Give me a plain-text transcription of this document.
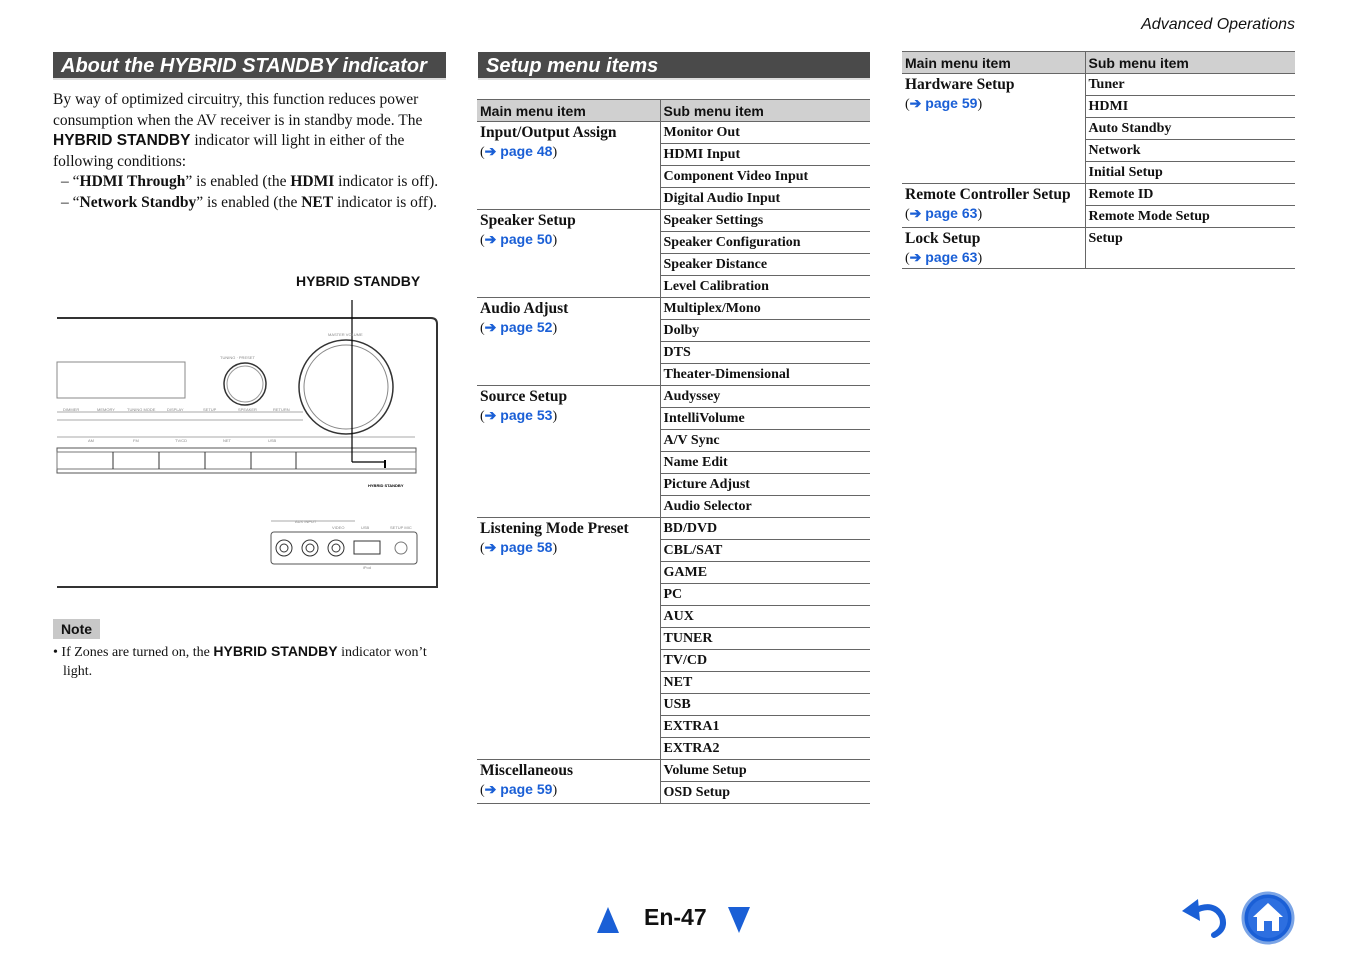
Advanced Operations
About the HYBRID STANDBY indicator

By way of optimized circuitry, this function reduces power consumption when the AV receiver is in standby mode. The HYBRID STANDBY indicator will light in either of the following conditions:

– “HDMI Through” is enabled (the HDMI indicator is off).

– “Network Standby” is enabled (the NET indicator is off).

HYBRID STANDBY
MASTER VOLUME
TUNING · PRESET
DIMMER	MEMORY	TUNING MODE	DISPLAY	SETUP	SPEAKER	RETURN
AM	FM	TV/CD	NET	USB
AUX INPUT
VIDEO	USB	SETUP MIC
iPod
HYBRID STANDBY
Note

• If Zones are turned on, the HYBRID STANDBY indicator won’t light.

Setup menu items
Main menu item	Sub menu item

Input/Output Assign
(➔ page 48)	Monitor Out
	HDMI Input
	Component Video Input
	Digital Audio Input

Speaker Setup
(➔ page 50)	Speaker Settings
	Speaker Configuration
	Speaker Distance
	Level Calibration

Audio Adjust
(➔ page 52)	Multiplex/Mono
	Dolby
	DTS
	Theater-Dimensional

Source Setup
(➔ page 53)	Audyssey
	IntelliVolume
	A/V Sync
	Name Edit
	Picture Adjust
	Audio Selector

Listening Mode Preset
(➔ page 58)	BD/DVD
	CBL/SAT
	GAME
	PC
	AUX
	TUNER
	TV/CD
	NET
	USB
	EXTRA1
	EXTRA2

Miscellaneous
(➔ page 59)	Volume Setup
	OSD Setup
Main menu item	Sub menu item

Hardware Setup
(➔ page 59)	Tuner
	HDMI
	Auto Standby
	Network
	Initial Setup

Remote Controller Setup
(➔ page 63)	Remote ID
	Remote Mode Setup

Lock Setup
(➔ page 63)	Setup
En-47
